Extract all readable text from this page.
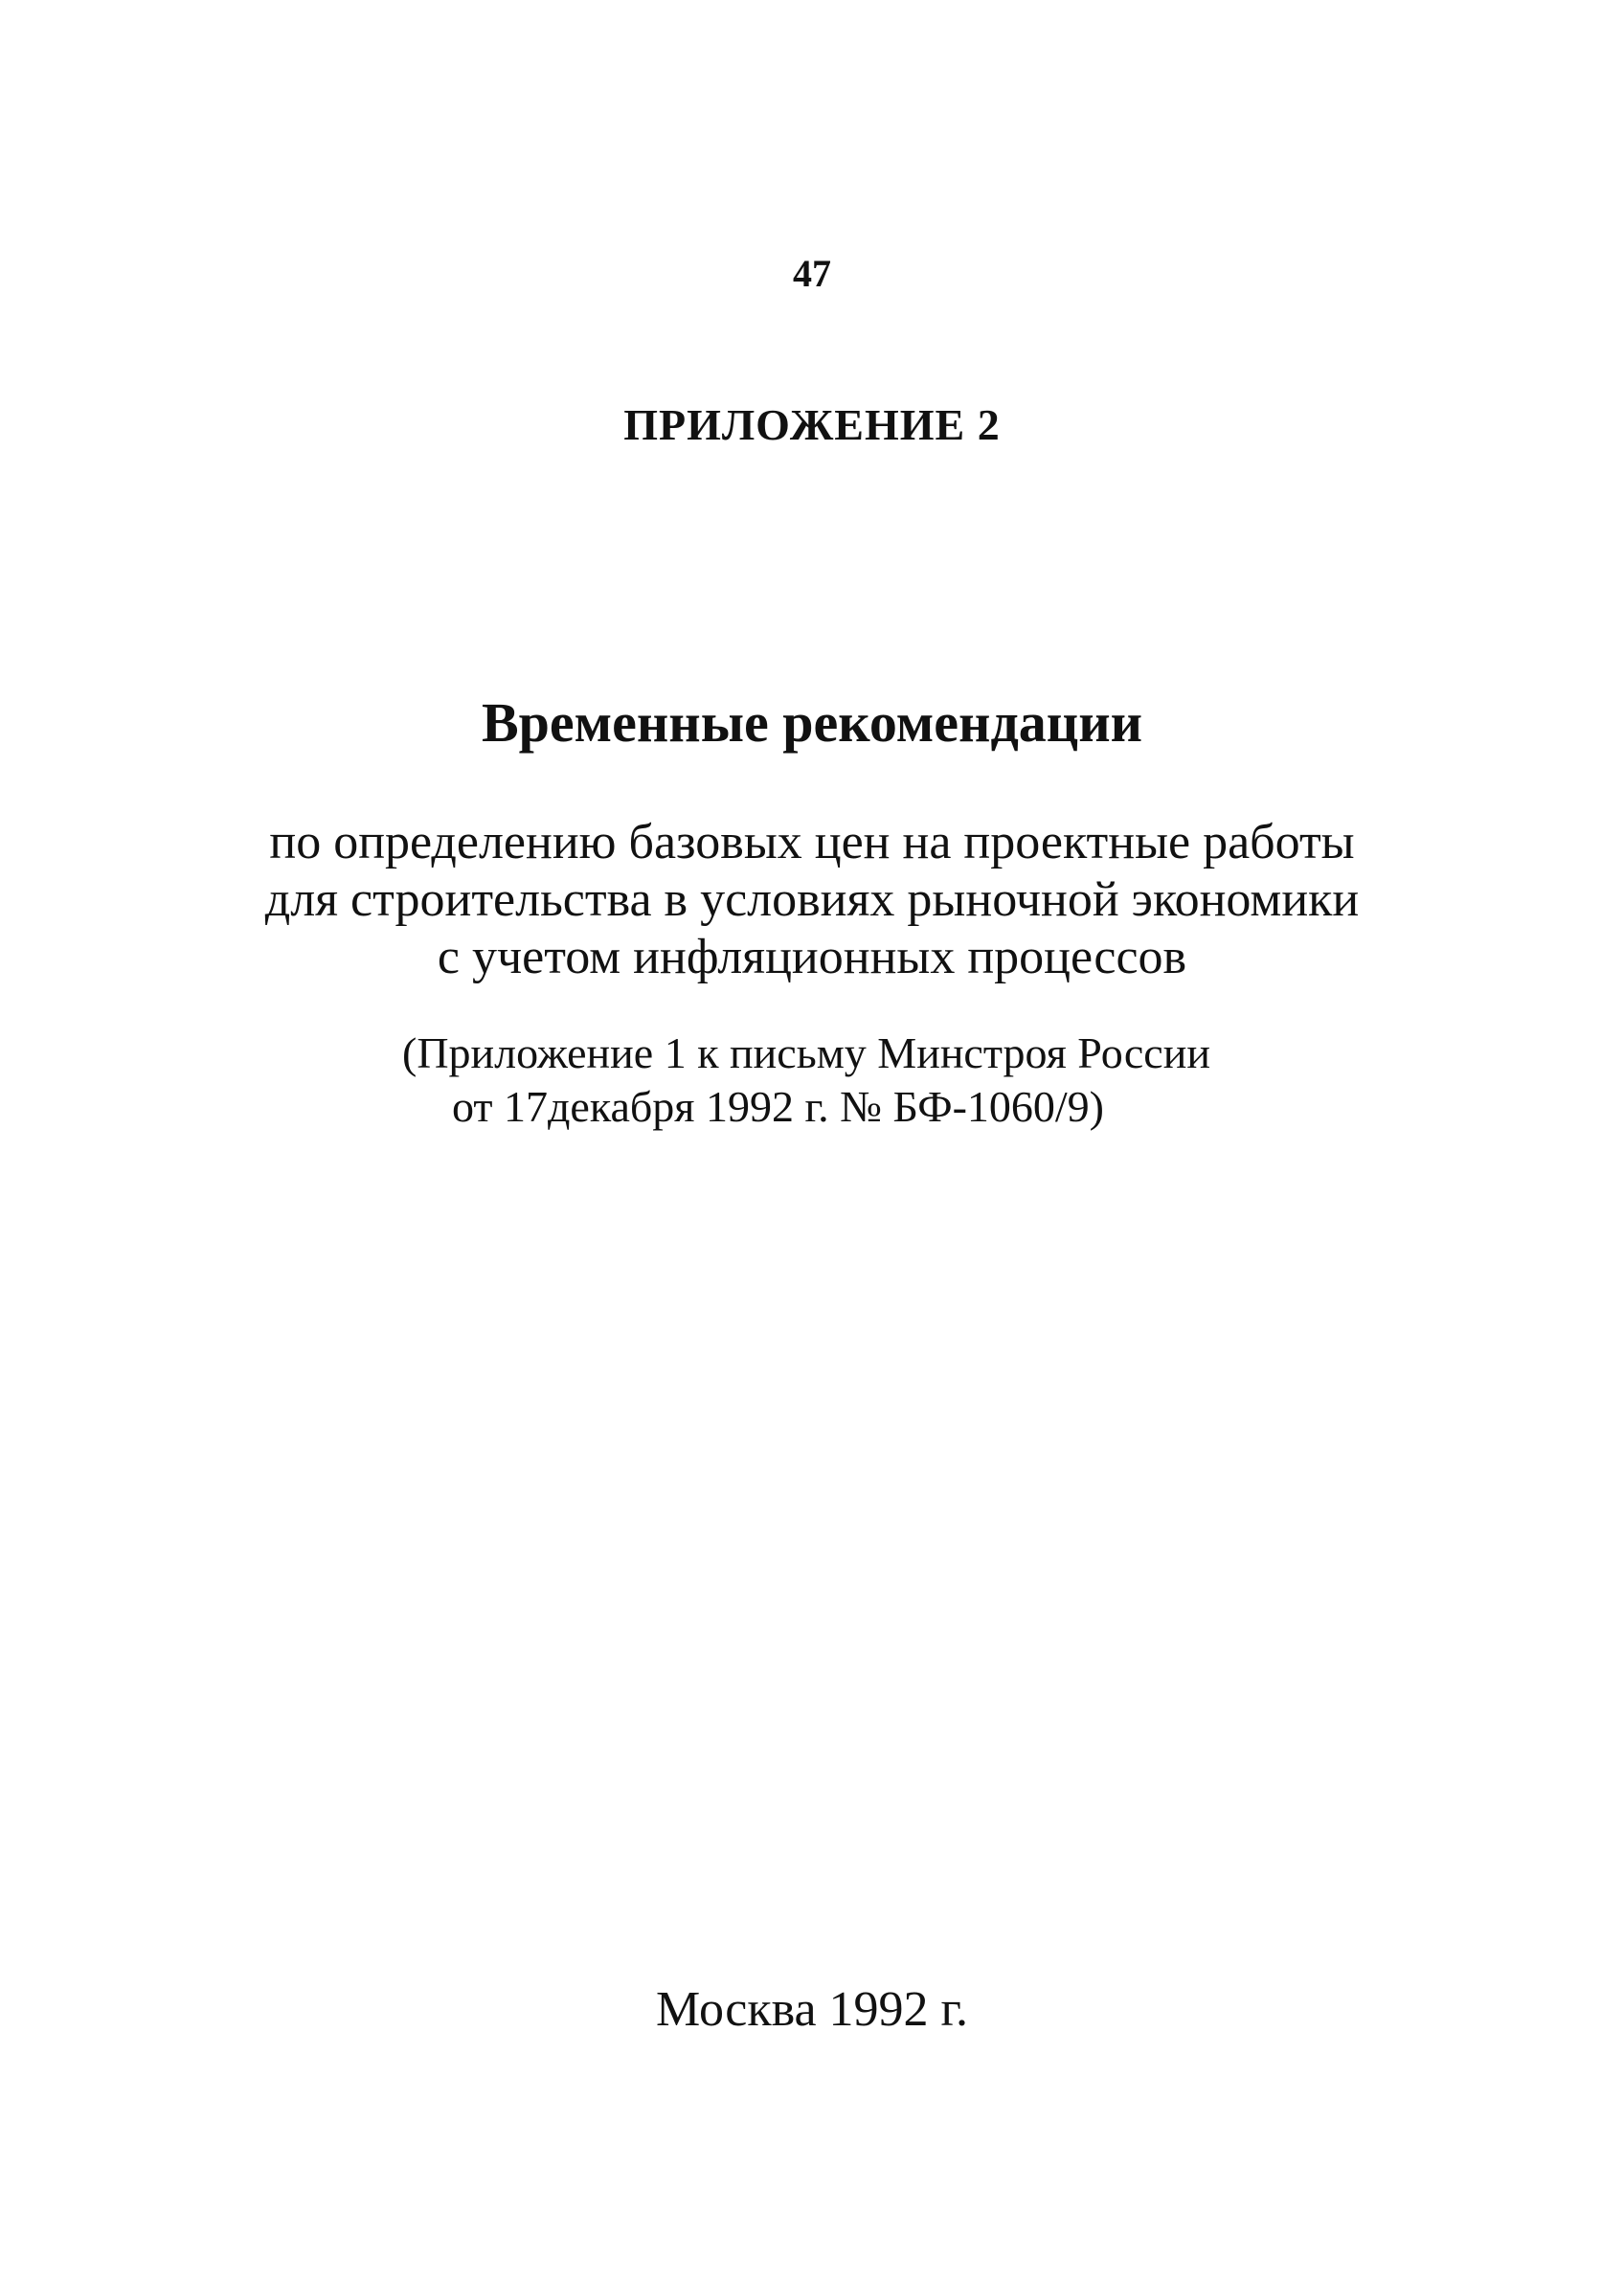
47
ПРИЛОЖЕНИЕ 2
Временные рекомендации
по определению базовых цен на проектные работы
для строительства в условиях рыночной экономики
с учетом инфляционных процессов
(Приложение 1 к письму Минстроя России
от 17декабря 1992 г. № БФ-1060/9)
Москва 1992 г.
